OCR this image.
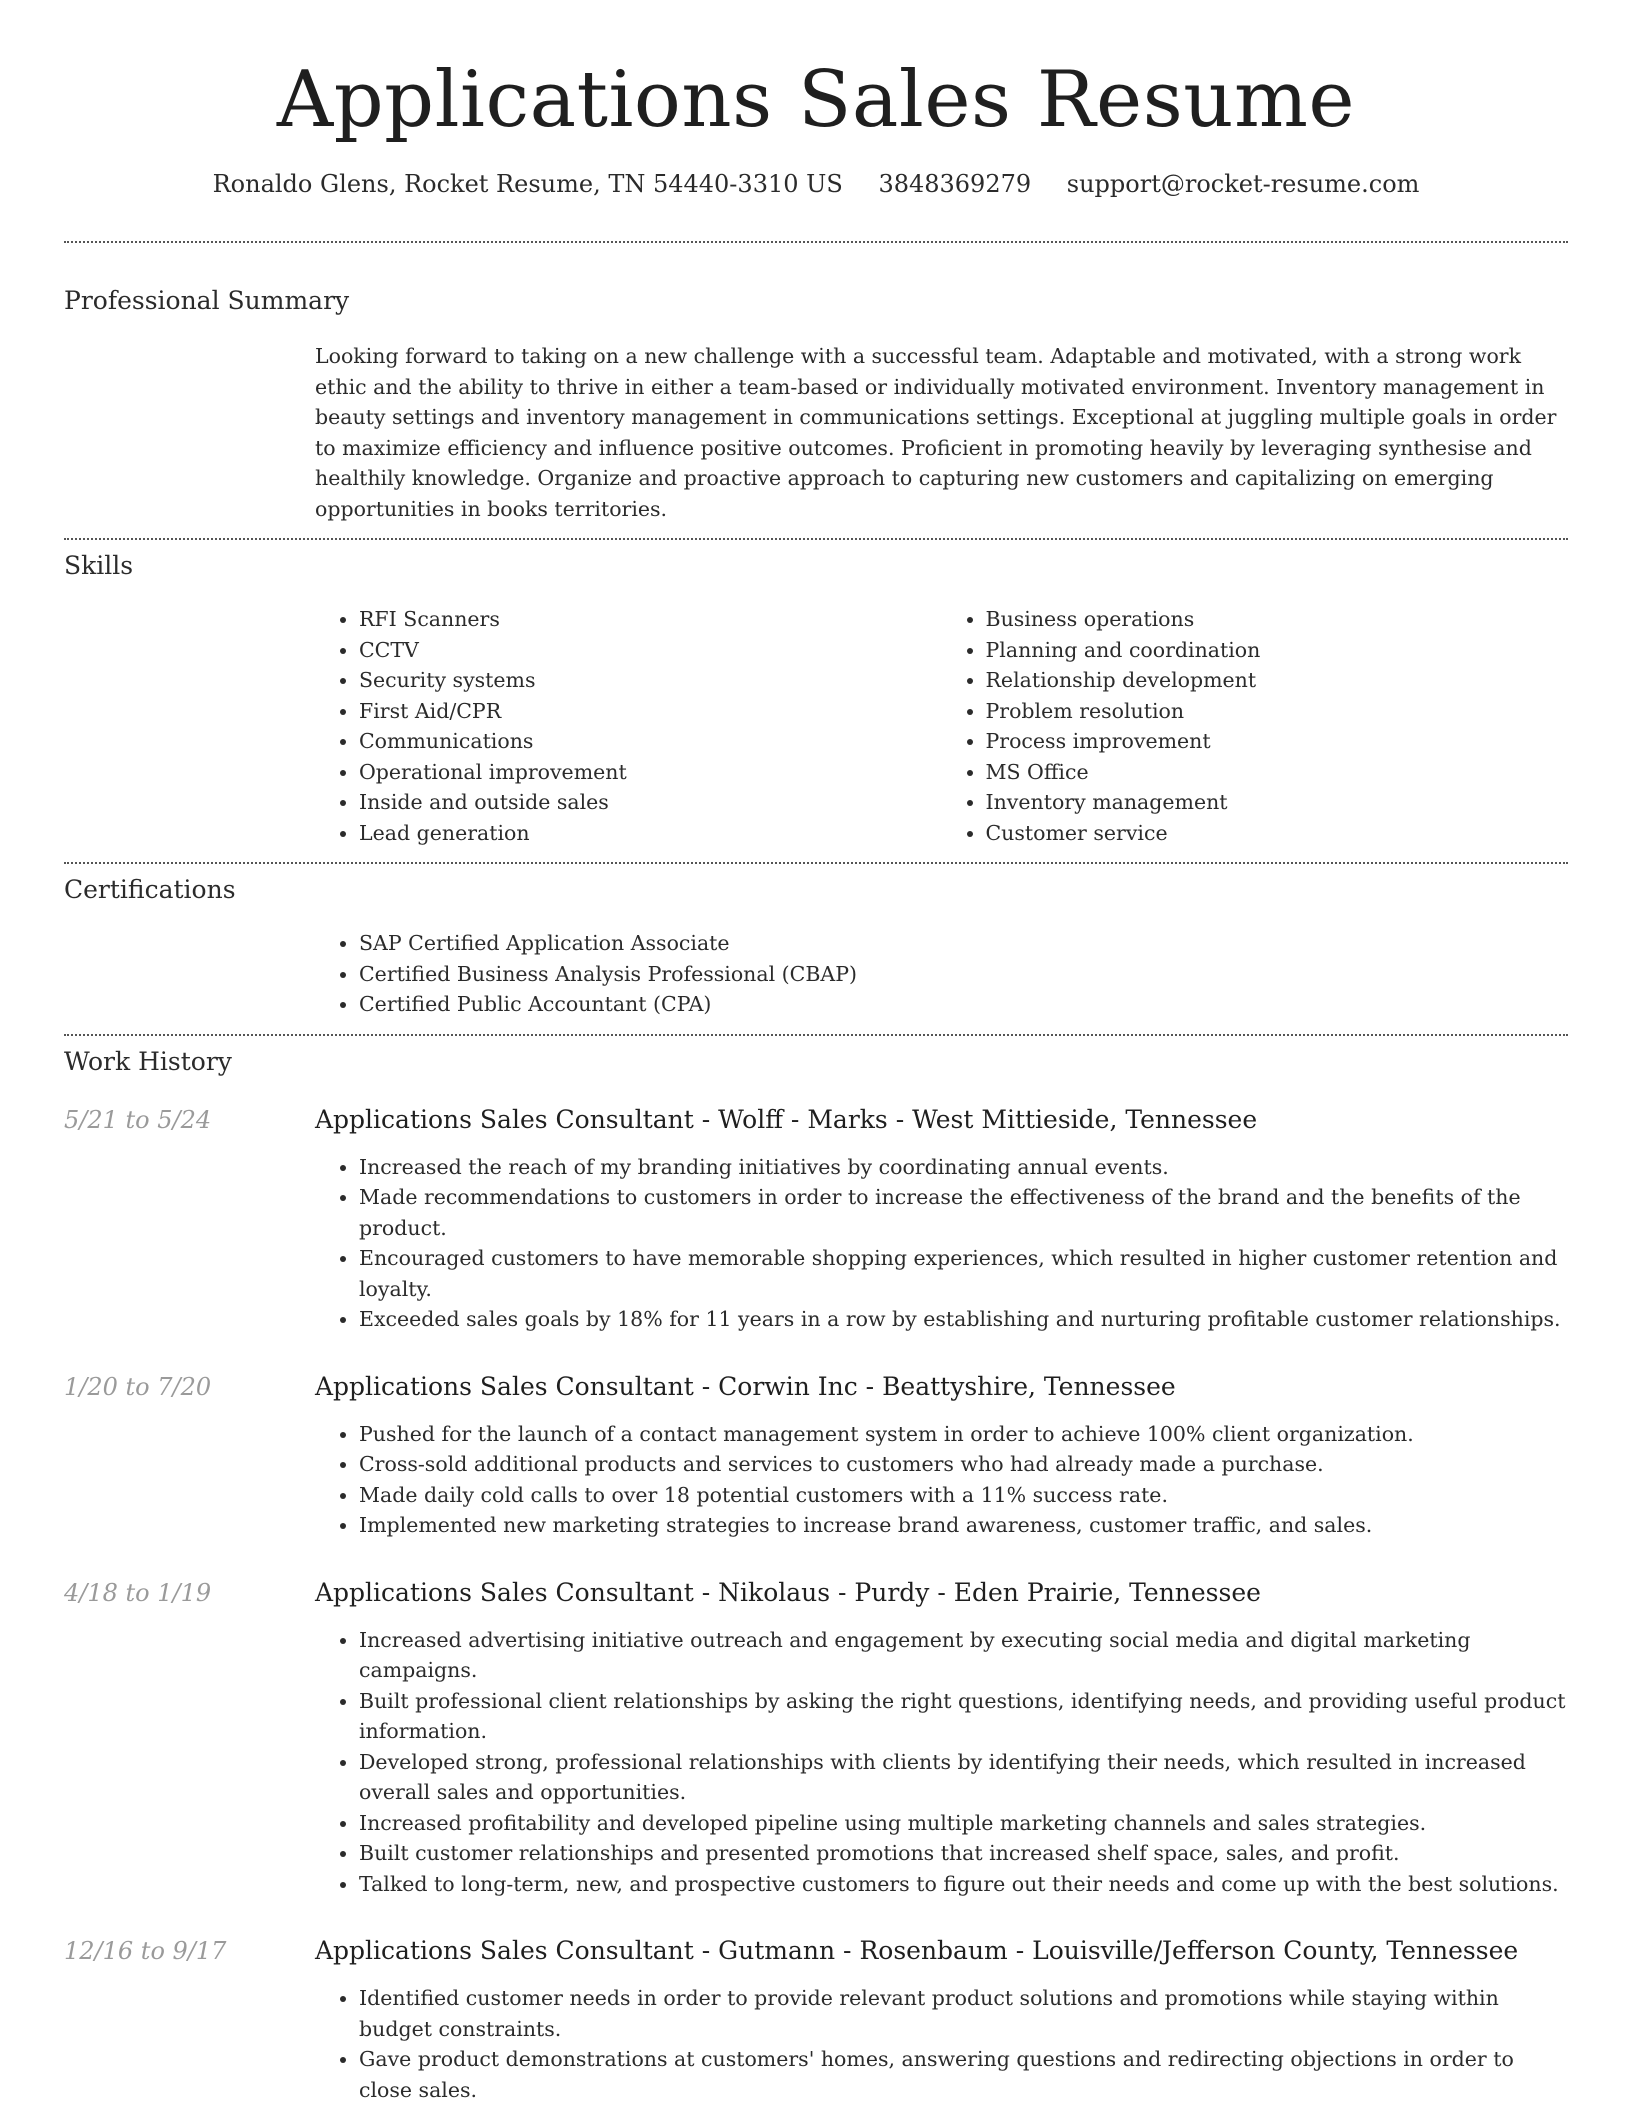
Applications Sales Resume
Ronaldo Glens, Rocket Resume, TN 54440-3310 US 3848369279 support@rocket-resume.com
Professional Summary

Looking forward to taking on a new challenge with a successful team. Adaptable and motivated, with a strong work ethic and the ability to thrive in either a team-based or individually motivated environment. Inventory management in beauty settings and inventory management in communications settings. Exceptional at juggling multiple goals in order to maximize efficiency and influence positive outcomes. Proficient in promoting heavily by leveraging synthesise and healthily knowledge. Organize and proactive approach to capturing new customers and capitalizing on emerging opportunities in books territories.

Skills
• RFI Scanners
• CCTV
• Security systems
• First Aid/CPR
• Communications
• Operational improvement
• Inside and outside sales
• Lead generation
• Business operations
• Planning and coordination
• Relationship development
• Problem resolution
• Process improvement
• MS Office
• Inventory management
• Customer service
Certifications
• SAP Certified Application Associate
• Certified Business Analysis Professional (CBAP)
• Certified Public Accountant (CPA)
Work History
5/21 to 5/24	Applications Sales Consultant - Wolff - Marks - West Mittieside, Tennessee
• Increased the reach of my branding initiatives by coordinating annual events.
• Made recommendations to customers in order to increase the effectiveness of the brand and the benefits of the product.
• Encouraged customers to have memorable shopping experiences, which resulted in higher customer retention and loyalty.
• Exceeded sales goals by 18% for 11 years in a row by establishing and nurturing profitable customer relationships.
1/20 to 7/20	Applications Sales Consultant - Corwin Inc - Beattyshire, Tennessee
• Pushed for the launch of a contact management system in order to achieve 100% client organization.
• Cross-sold additional products and services to customers who had already made a purchase.
• Made daily cold calls to over 18 potential customers with a 11% success rate.
• Implemented new marketing strategies to increase brand awareness, customer traffic, and sales.
4/18 to 1/19	Applications Sales Consultant - Nikolaus - Purdy - Eden Prairie, Tennessee
• Increased advertising initiative outreach and engagement by executing social media and digital marketing campaigns.
• Built professional client relationships by asking the right questions, identifying needs, and providing useful product information.
• Developed strong, professional relationships with clients by identifying their needs, which resulted in increased overall sales and opportunities.
• Increased profitability and developed pipeline using multiple marketing channels and sales strategies.
• Built customer relationships and presented promotions that increased shelf space, sales, and profit.
• Talked to long-term, new, and prospective customers to figure out their needs and come up with the best solutions.
12/16 to 9/17	Applications Sales Consultant - Gutmann - Rosenbaum - Louisville/Jefferson County, Tennessee
• Identified customer needs in order to provide relevant product solutions and promotions while staying within budget constraints.
• Gave product demonstrations at customers' homes, answering questions and redirecting objections in order to close sales.
